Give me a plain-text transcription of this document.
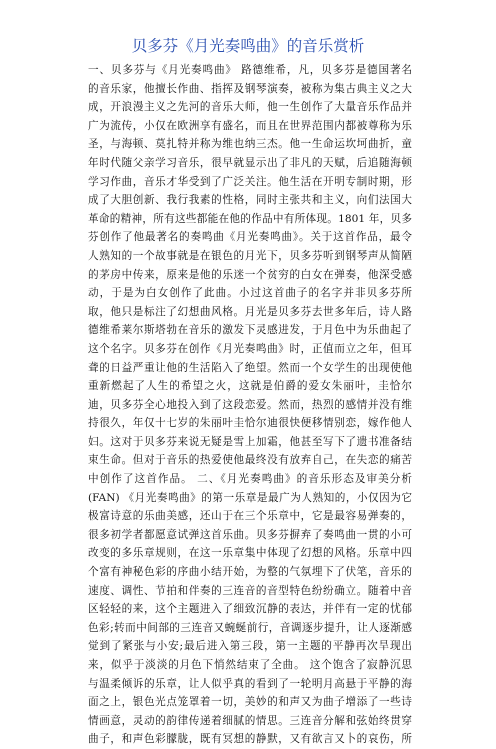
贝多芬《月光奏鸣曲》的音乐赏析
一、贝多芬与《月光奏鸣曲》 路德维希，凡，贝多芬是德国著名
的音乐家，他擅长作曲、指挥及钢琴演奏，被称为集古典主义之大
成，开浪漫主义之先河的音乐大师，他一生创作了大量音乐作品并
广为流传，小仅在欧洲享有盛名，而且在世界范围内都被尊称为乐
圣，与海顿、莫扎特并称为维也纳三杰。他一生命运坎坷曲折，童
年时代随父亲学习音乐，很早就显示出了非凡的天赋，后追随海顿
学习作曲，音乐才华受到了广泛关注。他生活在开明专制时期，形
成了大胆创新、我行我素的性格，同时主张共和主义，向们法国大
革命的精神，所有这些都能在他的作品中有所体现。1801 年，贝多
芬创作了他最著名的奏鸣曲《月光奏鸣曲》。关于这首作品，最令
人熟知的一个故事就是在银色的月光下，贝多芬听到钢琴声从简陋
的茅房中传来，原来是他的乐迷一个贫穷的白女在弹奏，他深受感
动，于是为白女创作了此曲。小过这首曲子的名字并非贝多芬所
取，他只是标注了幻想曲风格。月光是贝多芬去世多年后，诗人路
德维希莱尔斯塔勃在音乐的激发下灵感进发，于月色中为乐曲起了
这个名字。贝多芬在创作《月光奏鸣曲》时，正值而立之年，但耳
聋的日益严重让他的生活陷入了绝望。然而一个女学生的出现使他
重新燃起了人生的希望之火，这就是伯爵的爱女朱丽叶，圭恰尔
迪，贝多芬全心地投入到了这段恋爱。然而，热烈的感情并没有维
持很久，年仅十七岁的朱丽叶圭恰尔迪很快便移情别恋，嫁作他人
妇。这对于贝多芬来说无疑是雪上加霜，他甚至写下了遗书准备结
束生命。但对于音乐的热爱使他最终没有放弃自己，在失恋的痛苦
中创作了这首作品。 二、《月光奏鸣曲》的音乐形态及审美分析
(FAN) 《月光奏鸣曲》的第一乐章是最广为人熟知的，小仅因为它
极富诗意的乐曲美感，还山于在三个乐章中，它是最容易弹奏的，
很多初学者都愿意试弹这首乐曲。贝多芬摒弃了奏鸣曲一贯的小可
改变的多乐章规则，在这一乐章集中体现了幻想的风格。乐章中四
个富有神秘色彩的序曲小结开始，为整的气氛埋下了伏笔，音乐的
速度、调性、节拍和伴奏的三连音的音型特色纷纷确立。随着中音
区轻轻的来，这个主题进入了细致沉静的表达，并伴有一定的忧郁
色彩;转而中间部的三连音又蜿蜒前行，音调逐步提升，让人逐渐感
觉到了紧张与小安;最后进入第三段，第一主题的平静再次旱现出
来，似乎于淡淡的月色下悄然结束了全曲。 这个饱含了寂静沉思
与温柔倾诉的乐章，让人似乎真的看到了一轮明月高悬于平静的海
面之上，银色光点笼罩着一切，美妙的和声又为曲子增添了一些诗
情画意，灵动的韵律传递着细腻的情思。三连音分解和弦始终贯穿
曲子，和声色彩朦胧，既有冥想的静默，又有欲言又卜的哀伤，所
